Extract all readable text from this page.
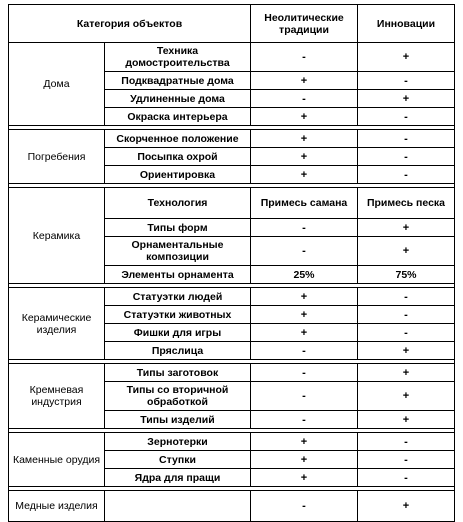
Категория объектов		Неолитические традиции	Инновации
Дома	Техника домостроительства	-	+
	Подквадратные дома	+	-
	Удлиненные дома	-	+
	Окраска интерьера	+	-

Погребения	Скорченное положение	+	-
	Посыпка охрой	+	-
	Ориентировка	+	-

Керамика	Технология	Примесь самана	Примесь песка
	Типы форм	-	+
	Орнаментальные композиции	-	+
	Элементы орнамента	25%	75%

Керамические изделия	Статуэтки людей	+	-
	Статуэтки животных	+	-
	Фишки для игры	+	-
	Пряслица	-	+

Кремневая индустрия	Типы заготовок	-	+
	Типы со вторичной обработкой	-	+
	Типы изделий	-	+

Каменные орудия	Зернотерки	+	-
	Ступки	+	-
	Ядра для пращи	+	-

Медные изделия		-	+
